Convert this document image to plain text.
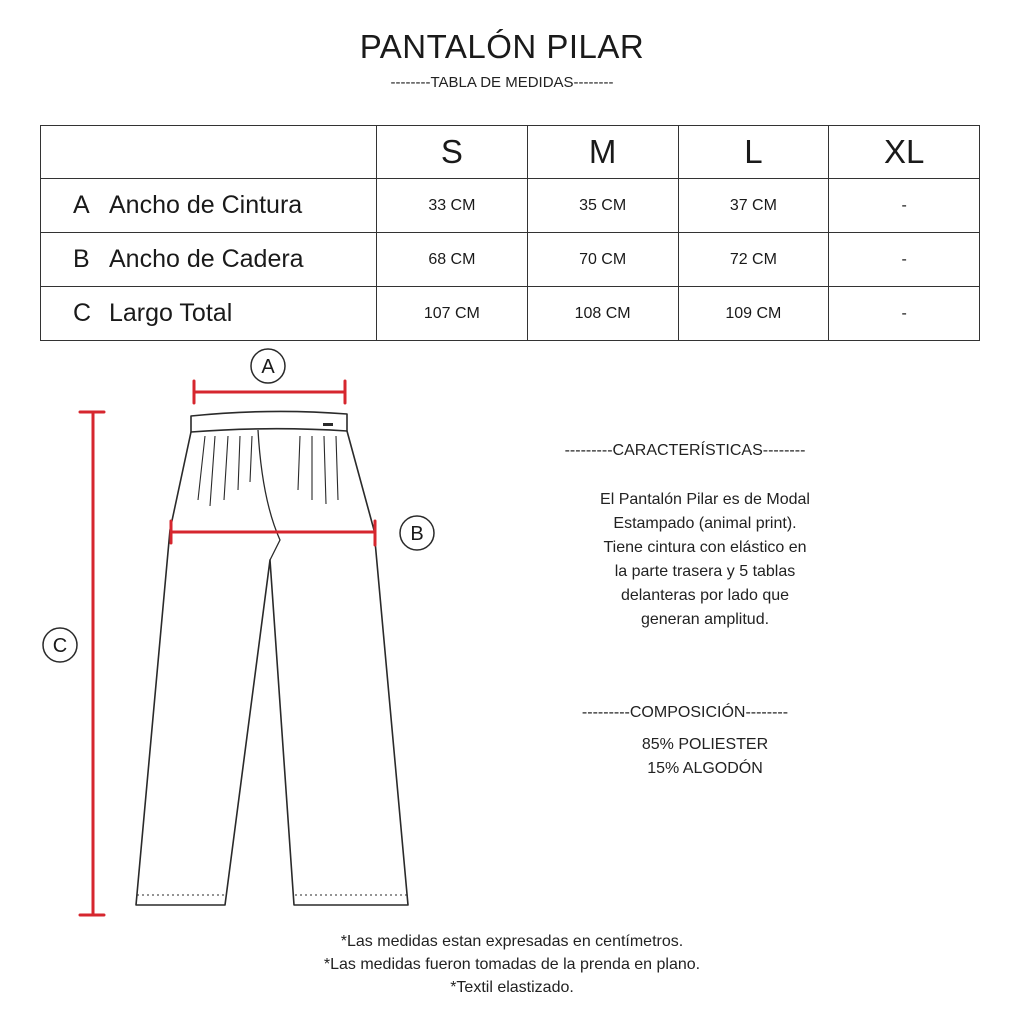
PANTALÓN PILAR
--------TABLA DE MEDIDAS--------
	S	M	L	XL
A Ancho de Cintura	33 CM	35 CM	37 CM	-
B Ancho de Cadera	68 CM	70 CM	72 CM	-
C Largo Total	107 CM	108 CM	109 CM	-
A
B
C
---------CARACTERÍSTICAS--------
El Pantalón Pilar es de Modal
Estampado (animal print).
Tiene cintura con elástico en
la parte trasera y 5 tablas
delanteras por lado que
generan amplitud.
---------COMPOSICIÓN--------
85% POLIESTER
15% ALGODÓN
*Las medidas estan expresadas en centímetros.
*Las medidas fueron tomadas de la prenda en plano.
*Textil elastizado.
